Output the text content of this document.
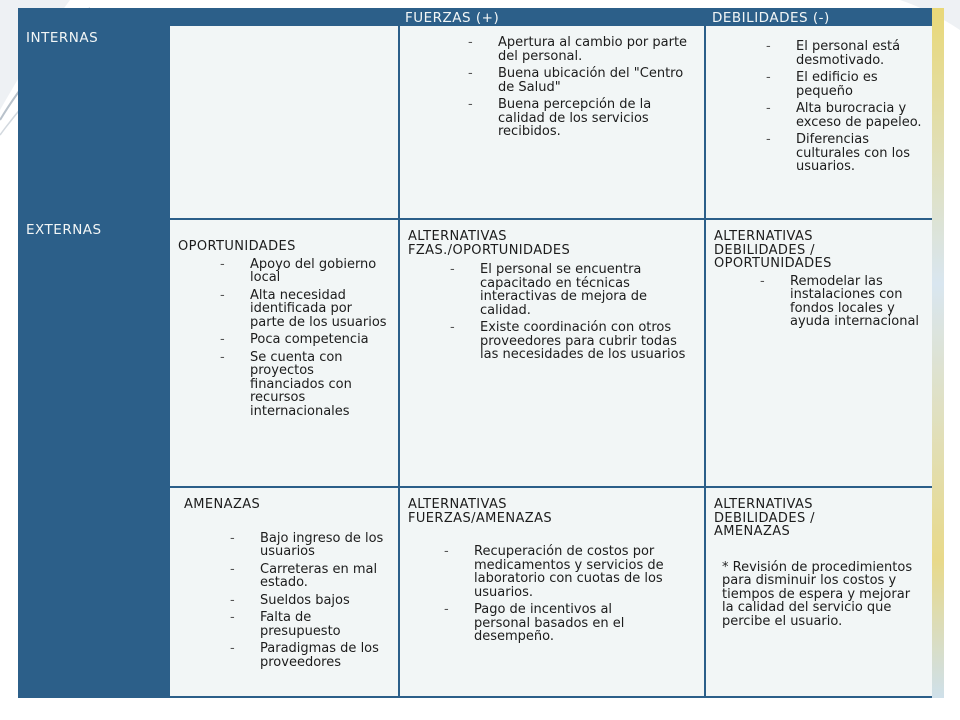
FUERZAS (+)	DEBILIDADES (-)
INTERNAS
EXTERNAS
- Apertura al cambio por parte del personal.
- Buena ubicación del "Centro de Salud"
- Buena percepción de la calidad de los servicios recibidos.
- El personal está desmotivado.
- El edificio es pequeño
- Alta burocracia y exceso de papeleo.
- Diferencias culturales con los usuarios.
OPORTUNIDADES
- Apoyo del gobierno local
- Alta necesidad identificada por parte de los usuarios
- Poca competencia
- Se cuenta con proyectos financiados con recursos internacionales
ALTERNATIVAS FZAS./OPORTUNIDADES
- El personal se encuentra capacitado en técnicas interactivas de mejora de calidad.
- Existe coordinación con otros proveedores para cubrir todas las necesidades de los usuarios
ALTERNATIVAS DEBILIDADES / OPORTUNIDADES
- Remodelar las instalaciones con fondos locales y ayuda internacional
AMENAZAS
- Bajo ingreso de los usuarios
- Carreteras en mal estado.
- Sueldos bajos
- Falta de presupuesto
- Paradigmas de los proveedores
ALTERNATIVAS FUERZAS/AMENAZAS
- Recuperación de costos por medicamentos y servicios de laboratorio con cuotas de los usuarios.
- Pago de incentivos al personal basados en el desempeño.
ALTERNATIVAS DEBILIDADES / AMENAZAS
* Revisión de procedimientos para disminuir los costos y tiempos de espera y mejorar la calidad del servicio que percibe el usuario.
